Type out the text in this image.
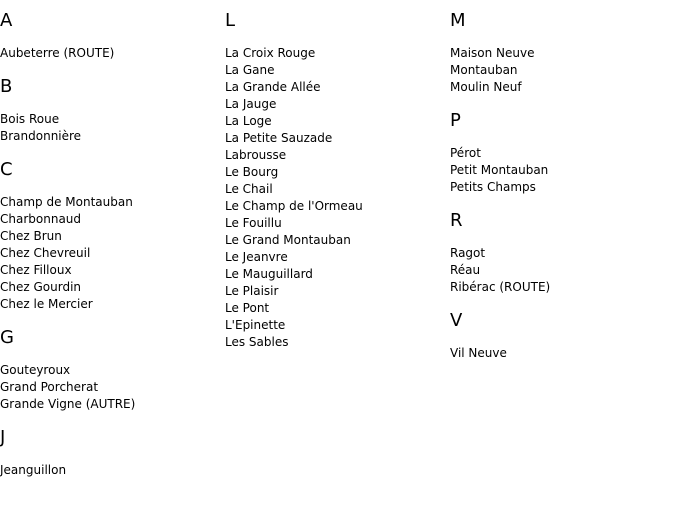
A
Aubeterre (ROUTE)
B
Bois Roue
Brandonnière
C
Champ de Montauban
Charbonnaud
Chez Brun
Chez Chevreuil
Chez Filloux
Chez Gourdin
Chez le Mercier
G
Gouteyroux
Grand Porcherat
Grande Vigne (AUTRE)
J
Jeanguillon
L
La Croix Rouge
La Gane
La Grande Allée
La Jauge
La Loge
La Petite Sauzade
Labrousse
Le Bourg
Le Chail
Le Champ de l'Ormeau
Le Fouillu
Le Grand Montauban
Le Jeanvre
Le Mauguillard
Le Plaisir
Le Pont
L'Epinette
Les Sables
M
Maison Neuve
Montauban
Moulin Neuf
P
Pérot
Petit Montauban
Petits Champs
R
Ragot
Réau
Ribérac (ROUTE)
V
Vil Neuve
